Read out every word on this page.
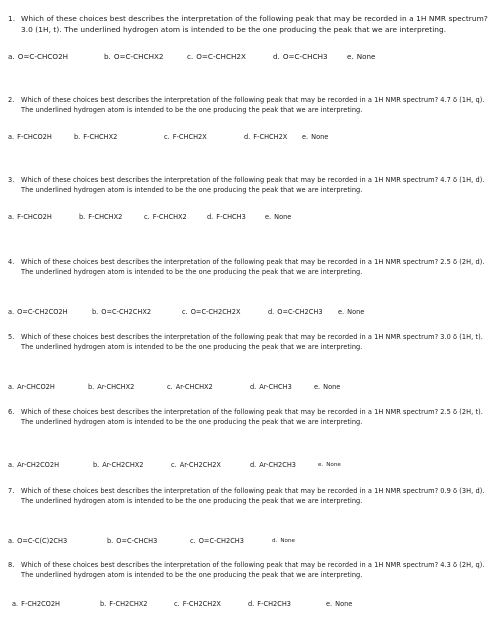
1. Which of these choices best describes the interpretation of the following peak that may be recorded in a 1H NMR spectrum? 3.0 (1H, t). The underlined hydrogen atom is intended to be the one producing the peak that we are interpreting.
a. O=C-CHCO2H	b. O=C-CHCHX2	c. O=C-CHCH2X	d. O=C-CHCH3	e. None
2. Which of these choices best describes the interpretation of the following peak that may be recorded in a 1H NMR spectrum? 4.7 δ (1H, q). The underlined hydrogen atom is intended to be the one producing the peak that we are interpreting.
a. F-CHCO2H	b. F-CHCHX2	c. F-CHCH2X	d. F-CHCH2X e. None
3. Which of these choices best describes the interpretation of the following peak that may be recorded in a 1H NMR spectrum? 4.7 δ (1H, d). The underlined hydrogen atom is intended to be the one producing the peak that we are interpreting.
a. F-CHCO2H	b. F-CHCHX2	c. F-CHCHX2	d. F-CHCH3	e. None
4. Which of these choices best describes the interpretation of the following peak that may be recorded in a 1H NMR spectrum? 2.5 δ (2H, d). The underlined hydrogen atom is intended to be the one producing the peak that we are interpreting.
a. O=C-CH2CO2H	b. O=C-CH2CHX2	c. O=C-CH2CH2X	d. O=C-CH2CH3 e. None
5. Which of these choices best describes the interpretation of the following peak that may be recorded in a 1H NMR spectrum? 3.0 δ (1H, t). The underlined hydrogen atom is intended to be the one producing the peak that we are interpreting.
a. Ar-CHCO2H	b. Ar-CHCHX2	c. Ar-CHCHX2	d. Ar-CHCH3	e. None
6. Which of these choices best describes the interpretation of the following peak that may be recorded in a 1H NMR spectrum? 2.5 δ (2H, t). The underlined hydrogen atom is intended to be the one producing the peak that we are interpreting.
a. Ar-CH2CO2H	b. Ar-CH2CHX2	c. Ar-CH2CH2X	d. Ar-CH2CH3	e. None
7. Which of these choices best describes the interpretation of the following peak that may be recorded in a 1H NMR spectrum? 0.9 δ (3H, d). The underlined hydrogen atom is intended to be the one producing the peak that we are interpreting.
a. O=C-C(C)2CH3	b. O=C-CHCH3	c. O=C-CH2CH3	d. None
8. Which of these choices best describes the interpretation of the following peak that may be recorded in a 1H NMR spectrum? 4.3 δ (2H, q). The underlined hydrogen atom is intended to be the one producing the peak that we are interpreting.
a. F-CH2CO2H	b. F-CH2CHX2	c. F-CH2CH2X	d. F-CH2CH3	e. None
